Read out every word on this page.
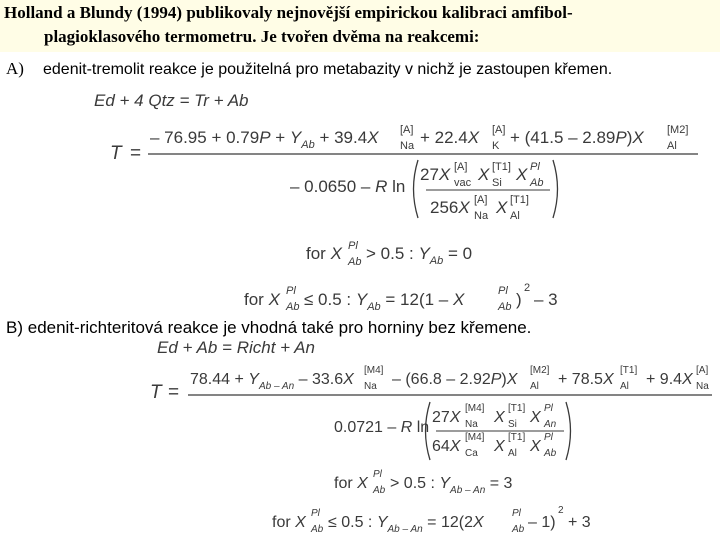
Holland a Blundy (1994) publikovaly nejnovější empirickou kalibraci amfibol-
plagioklasového termometru. Je tvořen dvěma na reakcemi:
A) edenit-tremolit reakce je použitelná pro metabazity v nichž je zastoupen křemen.
Ed + 4 Qtz = Tr + Ab
T =
– $76.95 + 0.79P + Y_{Ab} + 39.4X$ [A]
Na + 22.4X [A]
K + (41.5 – 2.89P)X [M2]
Al
– 0.0650 – R ln
27X [A]
vac X [T1]
Si X Pl
Ab
256X [A]
Na X [T1]
Al
for X Pl
Ab > 0.5 : $Y_{Ab} = 0$
for X Pl
Ab ≤ 0.5 : $Y_{Ab} = 12(1 - X$	Pl
Ab )
2
– 3
Ed + Ab = Richt + An
T =
$78.44 + Y_{Ab - An} - 33.6X$
[M4]
Na – (66.8 – 2.92P)X
[M2]
Al + 78.5X
[T1]
Al + 9.4X
[A]
Na
0.0721 – R ln
27X
[M4]
Na X
[T1]
Si X
Pl
An
64X
[M4]
Ca X
[T1]
Al X
Pl
Ab
for X
Pl
Ab > 0.5 : $Y_{Ab - An} = 3$
for X
Pl
Ab ≤ 0.5 : $Y_{Ab - An} = 12(2X$
Pl
Ab – 1)
2
+ 3
B) edenit-richteritová reakce je vhodná také pro horniny bez křemene.
